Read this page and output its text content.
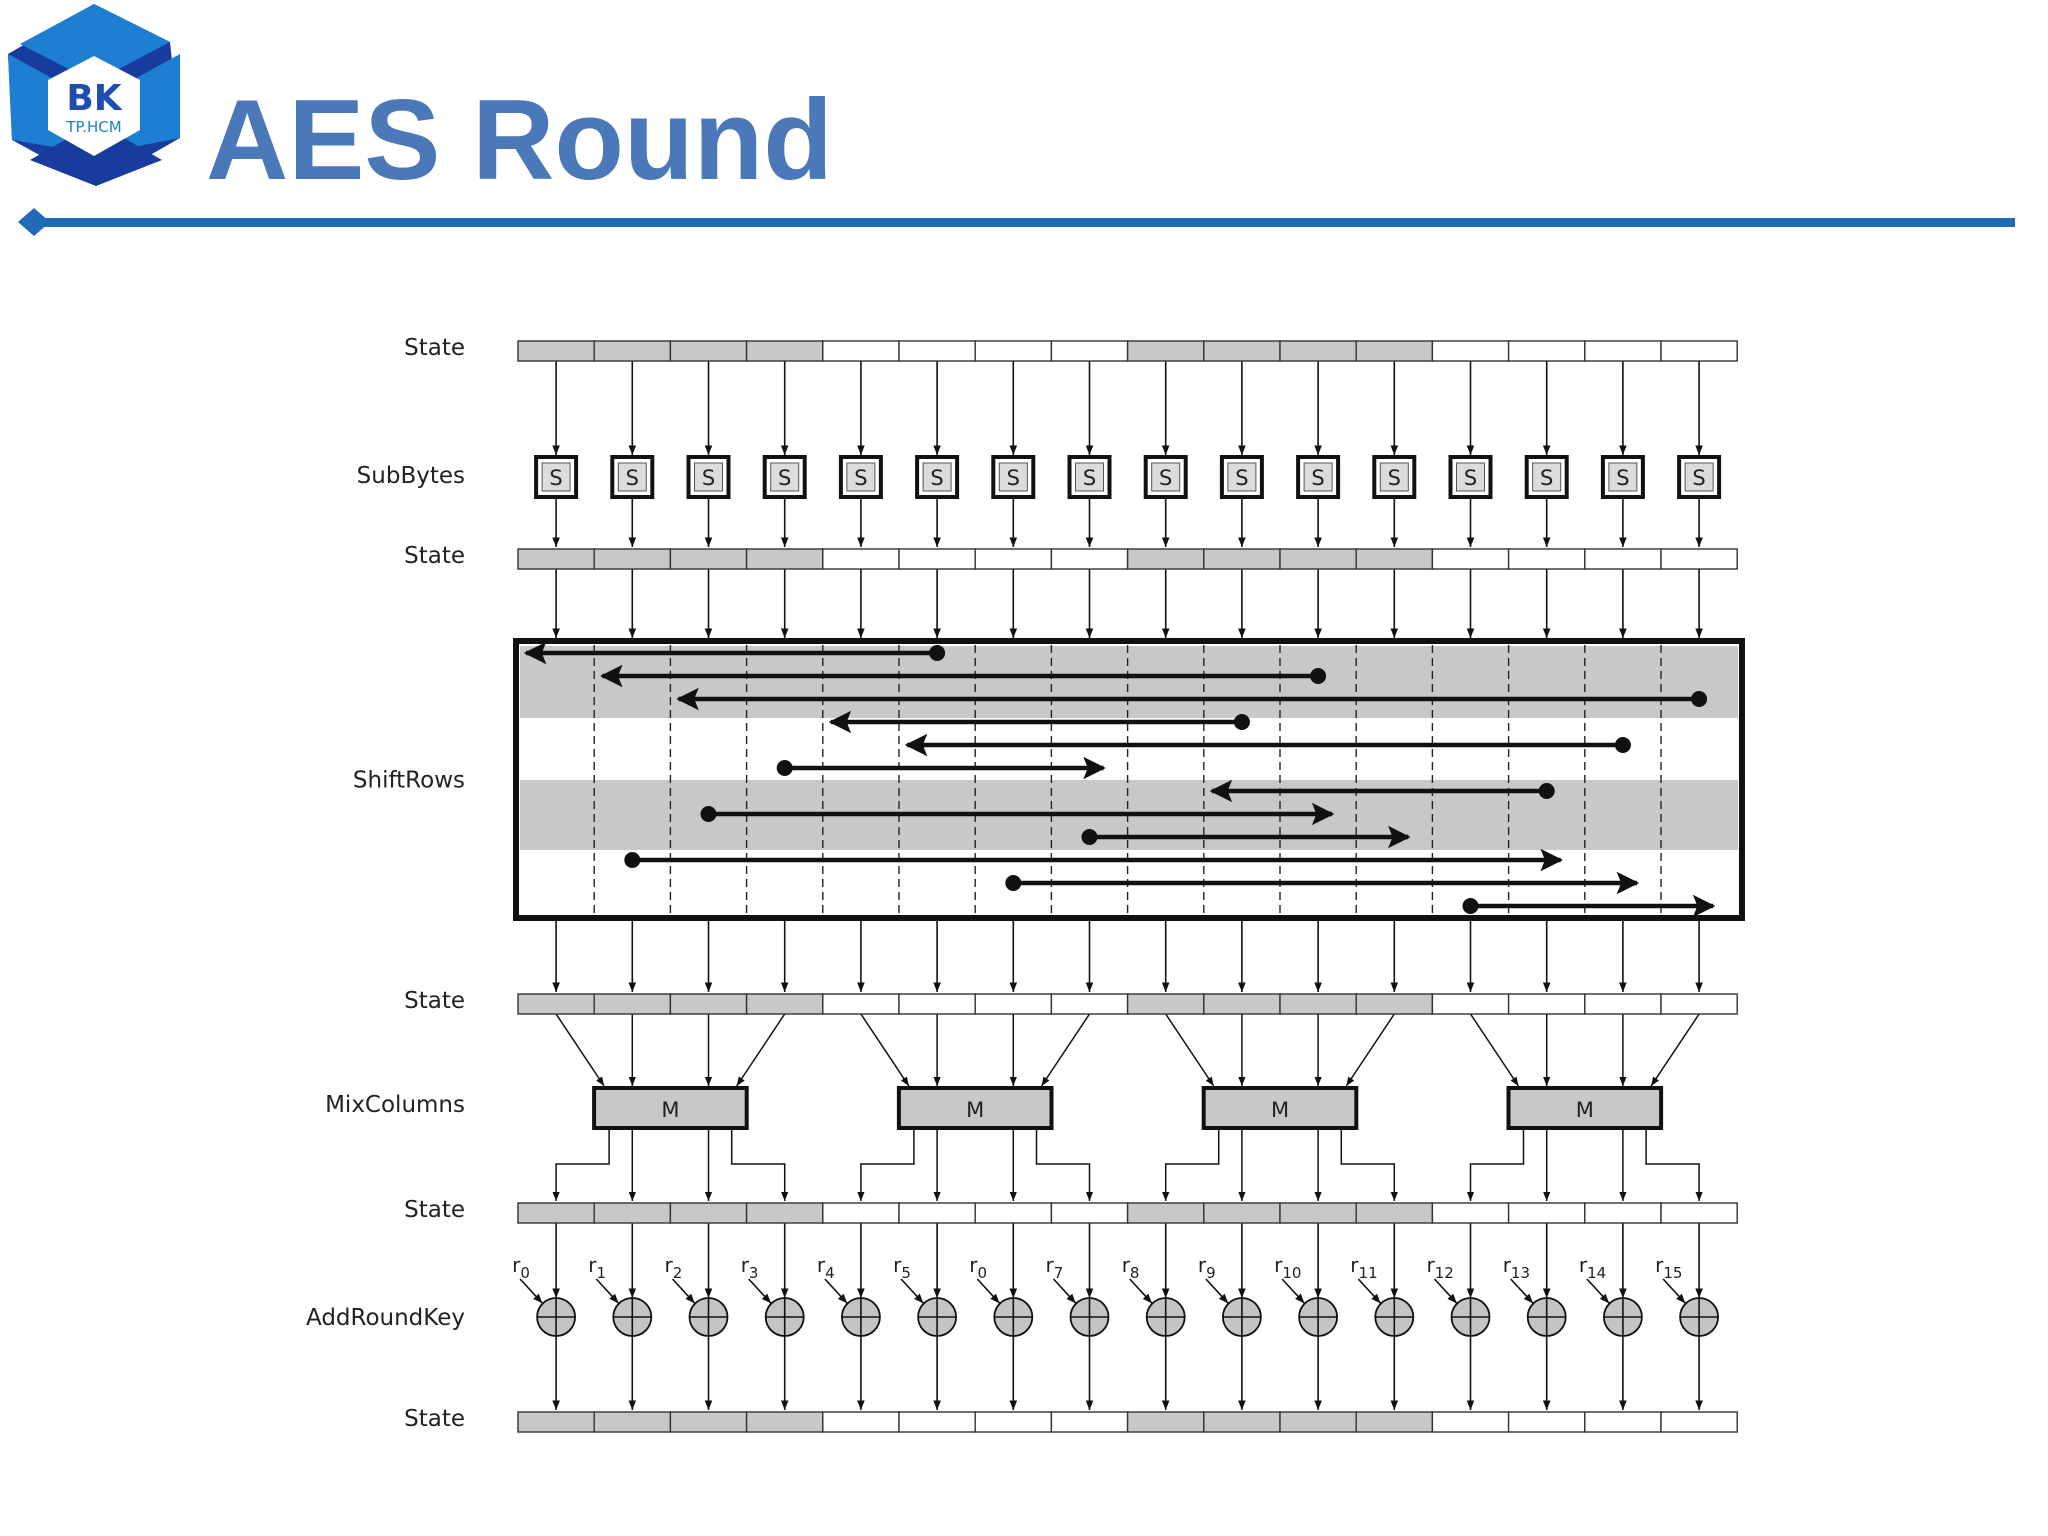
BK
TP.HCM AES Round
S
$r_0$
S
$r_1$
S
$r_2$
S
$r_3$
S
$r_4$
S
$r_5$
S
$r_0$
S
$r_7$
S
$r_8$
S
$r_9$
S
$r_{10}$
S
$r_{11}$
S
$r_{12}$
S
$r_{13}$
S
$r_{14}$
S
$r_{15}$
M	M	M	M
State
SubBytes
State
ShiftRows
State
MixColumns
State
AddRoundKey
State
